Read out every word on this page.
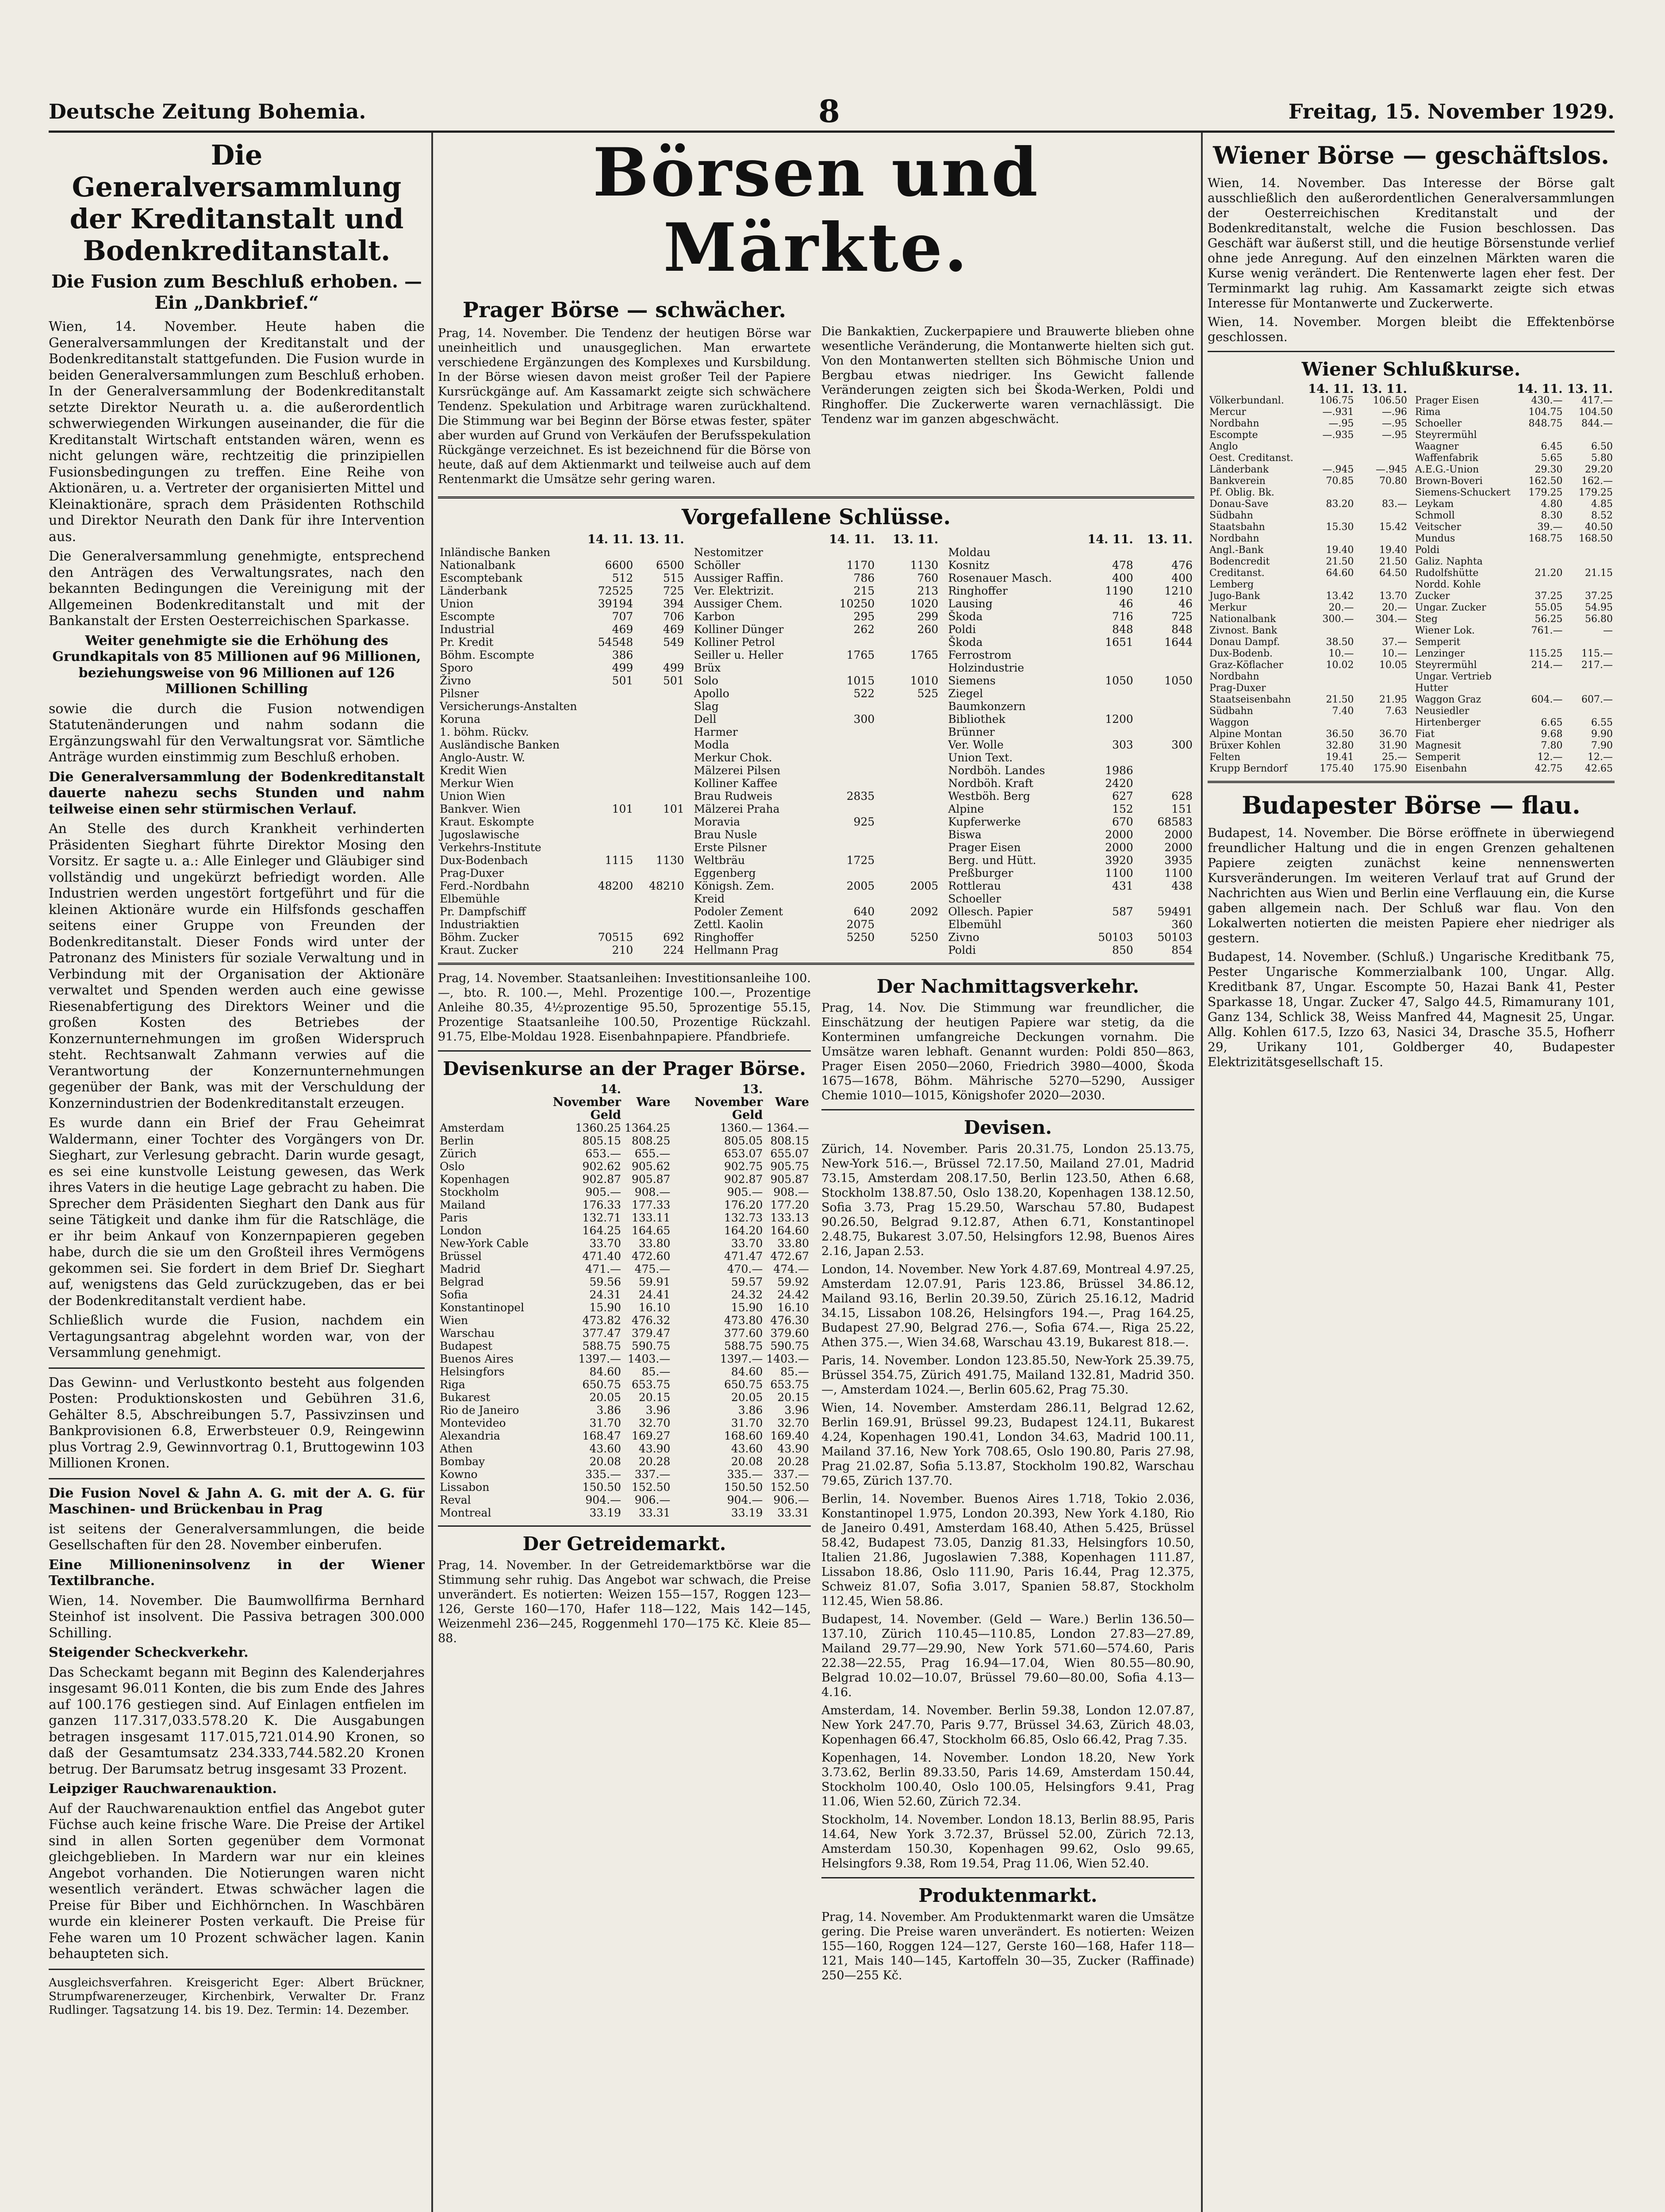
Deutsche Zeitung Bohemia.	8	Freitag, 15. November 1929.
Die Generalversammlung der Kreditanstalt und Bodenkreditanstalt.
Die Fusion zum Beschluß erhoben. — Ein „Dankbrief.“

Wien, 14. November. Heute haben die Generalversammlungen der Kreditanstalt und der Bodenkreditanstalt stattgefunden. Die Fusion wurde in beiden Generalversammlungen zum Beschluß erhoben. In der Generalversammlung der Bodenkreditanstalt setzte Direktor Neurath u. a. die außerordentlich schwerwiegenden Wirkungen auseinander, die für die Kreditanstalt Wirtschaft entstanden wären, wenn es nicht gelungen wäre, rechtzeitig die prinzipiellen Fusionsbedingungen zu treffen. Eine Reihe von Aktionären, u. a. Vertreter der organisierten Mittel und Kleinaktionäre, sprach dem Präsidenten Rothschild und Direktor Neurath den Dank für ihre Intervention aus.

Die Generalversammlung genehmigte, entsprechend den Anträgen des Verwaltungsrates, nach den bekannten Bedingungen die Vereinigung mit der Allgemeinen Bodenkreditanstalt und mit der Bankanstalt der Ersten Oesterreichischen Sparkasse.

Weiter genehmigte sie die Erhöhung des Grundkapitals von 85 Millionen auf 96 Millionen, beziehungsweise von 96 Millionen auf 126 Millionen Schilling

sowie die durch die Fusion notwendigen Statutenänderungen und nahm sodann die Ergänzungswahl für den Verwaltungsrat vor. Sämtliche Anträge wurden einstimmig zum Beschluß erhoben.

Die Generalversammlung der Bodenkreditanstalt dauerte nahezu sechs Stunden und nahm teilweise einen sehr stürmischen Verlauf.

An Stelle des durch Krankheit verhinderten Präsidenten Sieghart führte Direktor Mosing den Vorsitz. Er sagte u. a.: Alle Einleger und Gläubiger sind vollständig und ungekürzt befriedigt worden. Alle Industrien werden ungestört fortgeführt und für die kleinen Aktionäre wurde ein Hilfsfonds geschaffen seitens einer Gruppe von Freunden der Bodenkreditanstalt. Dieser Fonds wird unter der Patronanz des Ministers für soziale Verwaltung und in Verbindung mit der Organisation der Aktionäre verwaltet und Spenden werden auch eine gewisse Riesenabfertigung des Direktors Weiner und die großen Kosten des Betriebes der Konzernunternehmungen im großen Widerspruch steht. Rechtsanwalt Zahmann verwies auf die Verantwortung der Konzernunternehmungen gegenüber der Bank, was mit der Verschuldung der Konzernindustrien der Bodenkreditanstalt erzeugen.

Es wurde dann ein Brief der Frau Geheimrat Waldermann, einer Tochter des Vorgängers von Dr. Sieghart, zur Verlesung gebracht. Darin wurde gesagt, es sei eine kunstvolle Leistung gewesen, das Werk ihres Vaters in die heutige Lage gebracht zu haben. Die Sprecher dem Präsidenten Sieghart den Dank aus für seine Tätigkeit und danke ihm für die Ratschläge, die er ihr beim Ankauf von Konzernpapieren gegeben habe, durch die sie um den Großteil ihres Vermögens gekommen sei. Sie fordert in dem Brief Dr. Sieghart auf, wenigstens das Geld zurückzugeben, das er bei der Bodenkreditanstalt verdient habe.

Schließlich wurde die Fusion, nachdem ein Vertagungsantrag abgelehnt worden war, von der Versammlung genehmigt.

Das Gewinn- und Verlustkonto besteht aus folgenden Posten: Produktionskosten und Gebühren 31.6, Gehälter 8.5, Abschreibungen 5.7, Passivzinsen und Bankprovisionen 6.8, Erwerbsteuer 0.9, Reingewinn plus Vortrag 2.9, Gewinnvortrag 0.1, Bruttogewinn 103 Millionen Kronen.

Die Fusion Novel & Jahn A. G. mit der A. G. für Maschinen- und Brückenbau in Prag

ist seitens der Generalversammlungen, die beide Gesellschaften für den 28. November einberufen.

Eine Millioneninsolvenz in der Wiener Textilbranche.

Wien, 14. November. Die Baumwollfirma Bernhard Steinhof ist insolvent. Die Passiva betragen 300.000 Schilling.

Steigender Scheckverkehr.

Das Scheckamt begann mit Beginn des Kalenderjahres insgesamt 96.011 Konten, die bis zum Ende des Jahres auf 100.176 gestiegen sind. Auf Einlagen entfielen im ganzen 117.317,033.578.20 K. Die Ausgabungen betragen insgesamt 117.015,721.014.90 Kronen, so daß der Gesamtumsatz 234.333,744.582.20 Kronen betrug. Der Barumsatz betrug insgesamt 33 Prozent.

Leipziger Rauchwarenauktion.

Auf der Rauchwarenauktion entfiel das Angebot guter Füchse auch keine frische Ware. Die Preise der Artikel sind in allen Sorten gegenüber dem Vormonat gleichgeblieben. In Mardern war nur ein kleines Angebot vorhanden. Die Notierungen waren nicht wesentlich verändert. Etwas schwächer lagen die Preise für Biber und Eichhörnchen. In Waschbären wurde ein kleinerer Posten verkauft. Die Preise für Fehe waren um 10 Prozent schwächer lagen. Kanin behaupteten sich.

Ausgleichsverfahren. Kreisgericht Eger: Albert Brückner, Strumpfwarenerzeuger, Kirchenbirk, Verwalter Dr. Franz Rudlinger. Tagsatzung 14. bis 19. Dez. Termin: 14. Dezember.

Börsen und Märkte.
Prager Börse — schwächer.

Prag, 14. November. Die Tendenz der heutigen Börse war uneinheitlich und unausgeglichen. Man erwartete verschiedene Ergänzungen des Komplexes und Kursbildung. In der Börse wiesen davon meist großer Teil der Papiere Kursrückgänge auf. Am Kassamarkt zeigte sich schwächere Tendenz. Spekulation und Arbitrage waren zurückhaltend. Die Stimmung war bei Beginn der Börse etwas fester, später aber wurden auf Grund von Verkäufen der Berufsspekulation Rückgänge verzeichnet. Es ist bezeichnend für die Börse von heute, daß auf dem Aktienmarkt und teilweise auch auf dem Rentenmarkt die Umsätze sehr gering waren.

Die Bankaktien, Zuckerpapiere und Brauwerte blieben ohne wesentliche Veränderung, die Montanwerte hielten sich gut. Von den Montanwerten stellten sich Böhmische Union und Bergbau etwas niedriger. Ins Gewicht fallende Veränderungen zeigten sich bei Škoda-Werken, Poldi und Ringhoffer. Die Zuckerwerte waren vernachlässigt. Die Tendenz war im ganzen abgeschwächt.

Vorgefallene Schlüsse.
	14. 11.	13. 11.
Inländische Banken		
Nationalbank	6600	6500
Escomptebank	512	515
Länderbank	72525	725
Union	39194	394
Escompte	707	706
Industrial	469	469
Pr. Kredit	54548	549
Böhm. Escompte	386	
Sporo	499	499
Živno	501	501
Pilsner		
Versicherungs-Anstalten		
Koruna		
1. böhm. Rückv.		
Ausländische Banken		
Anglo-Austr. W.		
Kredit Wien		
Merkur Wien		
Union Wien		
Bankver. Wien	101	101
Kraut. Eskompte		
Jugoslawische		
Verkehrs-Institute		
Dux-Bodenbach	1115	1130
Prag-Duxer		
Ferd.-Nordbahn	48200	48210
Elbemühle		
Pr. Dampfschiff		
Industriaktien		
Böhm. Zucker	70515	692
Kraut. Zucker	210	224
	14. 11.	13. 11.
Nestomitzer		
Schöller	1170	1130
Aussiger Raffin.	786	760
Ver. Elektrizit.	215	213
Aussiger Chem.	10250	1020
Karbon	295	299
Kolliner Dünger	262	260
Kolliner Petrol		
Seiller u. Heller	1765	1765
Brüx		
Solo	1015	1010
Apollo	522	525
Slag		
Dell	300	
Harmer		
Modla		
Merkur Chok.		
Mälzerei Pilsen		
Kolliner Kaffee		
Brau Rudweis	2835	
Mälzerei Praha		
Moravia	925	
Brau Nusle		
Erste Pilsner		
Weltbräu	1725	
Eggenberg		
Königsh. Zem.	2005	2005
Kreid		
Podoler Zement	640	2092
Zettl. Kaolin	2075	
Ringhoffer	5250	5250
Hellmann Prag		
	14. 11.	13. 11.
Moldau		
Kosnitz	478	476
Rosenauer Masch.	400	400
Ringhoffer	1190	1210
Lausing	46	46
Škoda	716	725
Poldi	848	848
Škoda	1651	1644
Ferrostrom		
Holzindustrie		
Siemens	1050	1050
Ziegel		
Baumkonzern		
Bibliothek	1200	
Brünner		
Ver. Wolle	303	300
Union Text.		
Nordböh. Landes	1986	
Nordböh. Kraft	2420	
Westböh. Berg	627	628
Alpine	152	151
Kupferwerke	670	68583
Biswa	2000	2000
Prager Eisen	2000	2000
Berg. und Hütt.	3920	3935
Preßburger	1100	1100
Rottlerau	431	438
Schoeller		
Ollesch. Papier	587	59491
Elbemühl		360
Zivno	50103	50103
Poldi	850	854

Prag, 14. November. Staatsanleihen: Investitionsanleihe 100.—, bto. R. 100.—, Mehl. Prozentige 100.—, Prozentige Anleihe 80.35, 4½prozentige 95.50, 5prozentige 55.15, Prozentige Staatsanleihe 100.50, Prozentige Rückzahl. 91.75, Elbe-Moldau 1928. Eisenbahnpapiere. Pfandbriefe.

Devisenkurse an der Prager Börse.
	14. November Geld	Ware	13. November Geld	Ware
Amsterdam	1360.25	1364.25	1360.—	1364.—
Berlin	805.15	808.25	805.05	808.15
Zürich	653.—	655.—	653.07	655.07
Oslo	902.62	905.62	902.75	905.75
Kopenhagen	902.87	905.87	902.87	905.87
Stockholm	905.—	908.—	905.—	908.—
Mailand	176.33	177.33	176.20	177.20
Paris	132.71	133.11	132.73	133.13
London	164.25	164.65	164.20	164.60
New-York Cable	33.70	33.80	33.70	33.80
Brüssel	471.40	472.60	471.47	472.67
Madrid	471.—	475.—	470.—	474.—
Belgrad	59.56	59.91	59.57	59.92
Sofia	24.31	24.41	24.32	24.42
Konstantinopel	15.90	16.10	15.90	16.10
Wien	473.82	476.32	473.80	476.30
Warschau	377.47	379.47	377.60	379.60
Budapest	588.75	590.75	588.75	590.75
Buenos Aires	1397.—	1403.—	1397.—	1403.—
Helsingfors	84.60	85.—	84.60	85.—
Riga	650.75	653.75	650.75	653.75
Bukarest	20.05	20.15	20.05	20.15
Rio de Janeiro	3.86	3.96	3.86	3.96
Montevideo	31.70	32.70	31.70	32.70
Alexandria	168.47	169.27	168.60	169.40
Athen	43.60	43.90	43.60	43.90
Bombay	20.08	20.28	20.08	20.28
Kowno	335.—	337.—	335.—	337.—
Lissabon	150.50	152.50	150.50	152.50
Reval	904.—	906.—	904.—	906.—
Montreal	33.19	33.31	33.19	33.31
Der Getreidemarkt.

Prag, 14. November. In der Getreidemarktbörse war die Stimmung sehr ruhig. Das Angebot war schwach, die Preise unverändert. Es notierten: Weizen 155—157, Roggen 123—126, Gerste 160—170, Hafer 118—122, Mais 142—145, Weizenmehl 236—245, Roggenmehl 170—175 Kč. Kleie 85—88.

Der Nachmittagsverkehr.

Prag, 14. Nov. Die Stimmung war freundlicher, die Einschätzung der heutigen Papiere war stetig, da die Konterminen umfangreiche Deckungen vornahm. Die Umsätze waren lebhaft. Genannt wurden: Poldi 850—863, Prager Eisen 2050—2060, Friedrich 3980—4000, Škoda 1675—1678, Böhm. Mährische 5270—5290, Aussiger Chemie 1010—1015, Königshofer 2020—2030.

Devisen.

Zürich, 14. November. Paris 20.31.75, London 25.13.75, New-York 516.—, Brüssel 72.17.50, Mailand 27.01, Madrid 73.15, Amsterdam 208.17.50, Berlin 123.50, Athen 6.68, Stockholm 138.87.50, Oslo 138.20, Kopenhagen 138.12.50, Sofia 3.73, Prag 15.29.50, Warschau 57.80, Budapest 90.26.50, Belgrad 9.12.87, Athen 6.71, Konstantinopel 2.48.75, Bukarest 3.07.50, Helsingfors 12.98, Buenos Aires 2.16, Japan 2.53.

London, 14. November. New York 4.87.69, Montreal 4.97.25, Amsterdam 12.07.91, Paris 123.86, Brüssel 34.86.12, Mailand 93.16, Berlin 20.39.50, Zürich 25.16.12, Madrid 34.15, Lissabon 108.26, Helsingfors 194.—, Prag 164.25, Budapest 27.90, Belgrad 276.—, Sofia 674.—, Riga 25.22, Athen 375.—, Wien 34.68, Warschau 43.19, Bukarest 818.—.

Paris, 14. November. London 123.85.50, New-York 25.39.75, Brüssel 354.75, Zürich 491.75, Mailand 132.81, Madrid 350.—, Amsterdam 1024.—, Berlin 605.62, Prag 75.30.

Wien, 14. November. Amsterdam 286.11, Belgrad 12.62, Berlin 169.91, Brüssel 99.23, Budapest 124.11, Bukarest 4.24, Kopenhagen 190.41, London 34.63, Madrid 100.11, Mailand 37.16, New York 708.65, Oslo 190.80, Paris 27.98, Prag 21.02.87, Sofia 5.13.87, Stockholm 190.82, Warschau 79.65, Zürich 137.70.

Berlin, 14. November. Buenos Aires 1.718, Tokio 2.036, Konstantinopel 1.975, London 20.393, New York 4.180, Rio de Janeiro 0.491, Amsterdam 168.40, Athen 5.425, Brüssel 58.42, Budapest 73.05, Danzig 81.33, Helsingfors 10.50, Italien 21.86, Jugoslawien 7.388, Kopenhagen 111.87, Lissabon 18.86, Oslo 111.90, Paris 16.44, Prag 12.375, Schweiz 81.07, Sofia 3.017, Spanien 58.87, Stockholm 112.45, Wien 58.86.

Budapest, 14. November. (Geld — Ware.) Berlin 136.50—137.10, Zürich 110.45—110.85, London 27.83—27.89, Mailand 29.77—29.90, New York 571.60—574.60, Paris 22.38—22.55, Prag 16.94—17.04, Wien 80.55—80.90, Belgrad 10.02—10.07, Brüssel 79.60—80.00, Sofia 4.13—4.16.

Amsterdam, 14. November. Berlin 59.38, London 12.07.87, New York 247.70, Paris 9.77, Brüssel 34.63, Zürich 48.03, Kopenhagen 66.47, Stockholm 66.85, Oslo 66.42, Prag 7.35.

Kopenhagen, 14. November. London 18.20, New York 3.73.62, Berlin 89.33.50, Paris 14.69, Amsterdam 150.44, Stockholm 100.40, Oslo 100.05, Helsingfors 9.41, Prag 11.06, Wien 52.60, Zürich 72.34.

Stockholm, 14. November. London 18.13, Berlin 88.95, Paris 14.64, New York 3.72.37, Brüssel 52.00, Zürich 72.13, Amsterdam 150.30, Kopenhagen 99.62, Oslo 99.65, Helsingfors 9.38, Rom 19.54, Prag 11.06, Wien 52.40.

Produktenmarkt.

Prag, 14. November. Am Produktenmarkt waren die Umsätze gering. Die Preise waren unverändert. Es notierten: Weizen 155—160, Roggen 124—127, Gerste 160—168, Hafer 118—121, Mais 140—145, Kartoffeln 30—35, Zucker (Raffinade) 250—255 Kč.

Wiener Börse — geschäftslos.

Wien, 14. November. Das Interesse der Börse galt ausschließlich den außerordentlichen Generalversammlungen der Oesterreichischen Kreditanstalt und der Bodenkreditanstalt, welche die Fusion beschlossen. Das Geschäft war äußerst still, und die heutige Börsenstunde verlief ohne jede Anregung. Auf den einzelnen Märkten waren die Kurse wenig verändert. Die Rentenwerte lagen eher fest. Der Terminmarkt lag ruhig. Am Kassamarkt zeigte sich etwas Interesse für Montanwerte und Zuckerwerte.

Wien, 14. November. Morgen bleibt die Effektenbörse geschlossen.

Wiener Schlußkurse.
	14. 11.	13. 11.
Völkerbundanl.	106.75	106.50
Mercur	—.931	—.96
Nordbahn	—.95	—.95
Escompte	—.935	—.95
Anglo		
Oest. Creditanst.		
Länderbank	—.945	—.945
Bankverein	70.85	70.80
Pf. Oblig. Bk.		
Donau-Save	83.20	83.—
Südbahn		
Staatsbahn	15.30	15.42
Nordbahn		
Angl.-Bank	19.40	19.40
Bodencredit	21.50	21.50
Creditanst.	64.60	64.50
Lemberg		
Jugo-Bank	13.42	13.70
Merkur	20.—	20.—
Nationalbank	300.—	304.—
Zivnost. Bank		
Donau Dampf.	38.50	37.—
Dux-Bodenb.	10.—	10.—
Graz-Köflacher	10.02	10.05
Nordbahn		
Prag-Duxer		
Staatseisenbahn	21.50	21.95
Südbahn	7.40	7.63
Waggon		
Alpine Montan	36.50	36.70
Brüxer Kohlen	32.80	31.90
Felten	19.41	25.—
Krupp Berndorf	175.40	175.90
	14. 11.	13. 11.
Prager Eisen	430.—	417.—
Rima	104.75	104.50
Schoeller	848.75	844.—
Steyrermühl		
Waagner	6.45	6.50
Waffenfabrik	5.65	5.80
A.E.G.-Union	29.30	29.20
Brown-Boveri	162.50	162.—
Siemens-Schuckert	179.25	179.25
Leykam	4.80	4.85
Schmoll	8.30	8.52
Veitscher	39.—	40.50
Mundus	168.75	168.50
Poldi		
Galiz. Naphta		
Rudolfshütte	21.20	21.15
Nordd. Kohle		
Zucker	37.25	37.25
Ungar. Zucker	55.05	54.95
Steg	56.25	56.80
Wiener Lok.	761.—	—
Semperit		
Lenzinger	115.25	115.—
Steyrermühl	214.—	217.—
Ungar. Vertrieb		
Hutter		
Waggon Graz	604.—	607.—
Neusiedler		
Hirtenberger	6.65	6.55
Fiat	9.68	9.90
Magnesit	7.80	7.90
Semperit	12.—	12.—
Eisenbahn	42.75	42.65
Budapester Börse — flau.

Budapest, 14. November. Die Börse eröffnete in überwiegend freundlicher Haltung und die in engen Grenzen gehaltenen Papiere zeigten zunächst keine nennenswerten Kursveränderungen. Im weiteren Verlauf trat auf Grund der Nachrichten aus Wien und Berlin eine Verflauung ein, die Kurse gaben allgemein nach. Der Schluß war flau. Von den Lokalwerten notierten die meisten Papiere eher niedriger als gestern.

Budapest, 14. November. (Schluß.) Ungarische Kreditbank 75, Pester Ungarische Kommerzialbank 100, Ungar. Allg. Kreditbank 87, Ungar. Escompte 50, Hazai Bank 41, Pester Sparkasse 18, Ungar. Zucker 47, Salgo 44.5, Rimamurany 101, Ganz 134, Schlick 38, Weiss Manfred 44, Magnesit 25, Ungar. Allg. Kohlen 617.5, Izzo 63, Nasici 34, Drasche 35.5, Hofherr 29, Urikany 101, Goldberger 40, Budapester Elektrizitätsgesellschaft 15.
